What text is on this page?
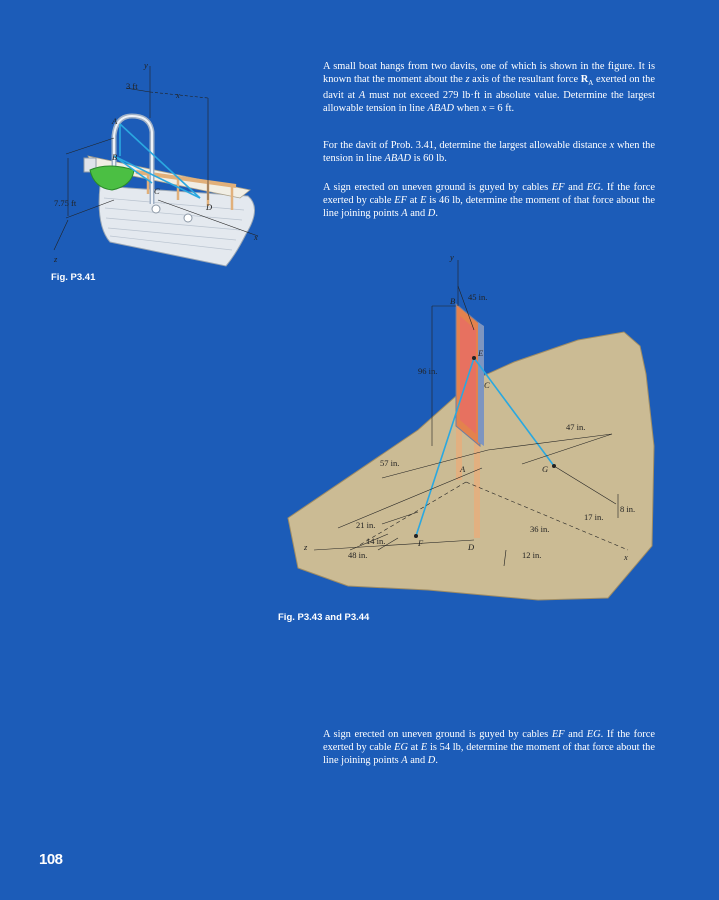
A small boat hangs from two davits, one of which is shown in the figure. It is known that the moment about the z axis of the resultant force $R_A$ exerted on the davit at A must not exceed 279 lb·ft in absolute value. Determine the largest allowable tension in line ABAD when x = 6 ft.
For the davit of Prob. 3.41, determine the largest allowable distance x when the tension in line ABAD is 60 lb.
A sign erected on uneven ground is guyed by cables EF and EG. If the force exerted by cable EF at E is 46 lb, determine the moment of that force about the line joining points A and D.
A sign erected on uneven ground is guyed by cables EF and EG. If the force exerted by cable EG at E is 54 lb, determine the moment of that force about the line joining points A and D.
y
x
3 ft
A
B
C
D
7.75 ft
z
x
Fig. P3.41
y
B 45 in.
E
96 in.
C
47 in.
57 in.
A	G
8 in.
17 in.
21 in.	36 in.
14 in.	F	D
48 in.	12 in.
z
x
Fig. P3.43 and P3.44
108
